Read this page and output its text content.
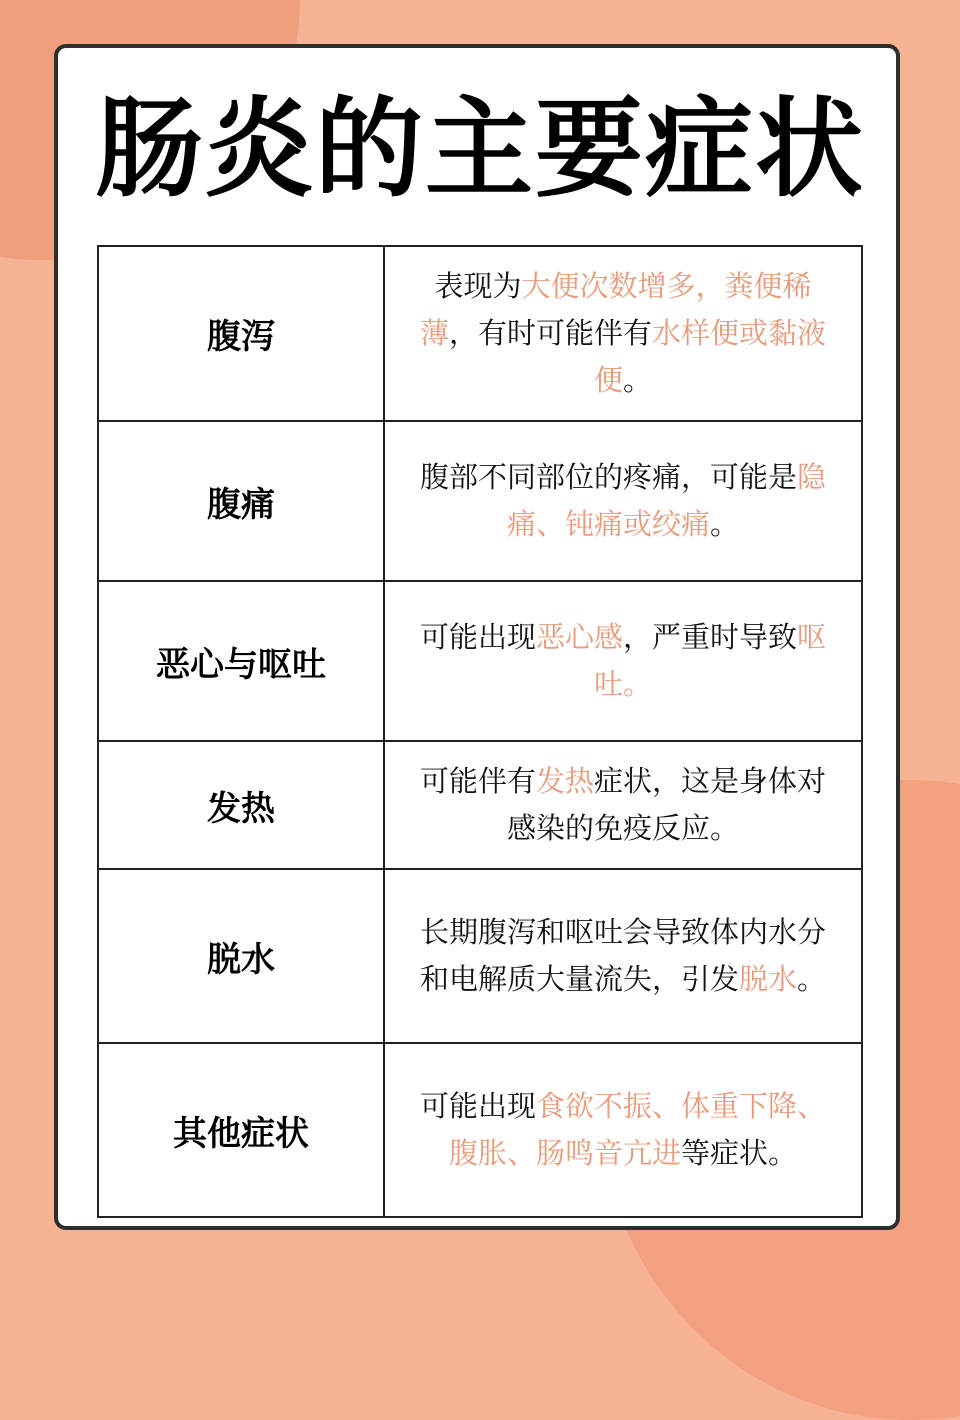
肠炎的主要症状
腹泻	表现为大便次数增多，粪便稀薄，有时可能伴有水样便或黏液便。
腹痛	腹部不同部位的疼痛，可能是隐痛、钝痛或绞痛。
恶心与呕吐	可能出现恶心感，严重时导致呕吐。
发热	可能伴有发热症状，这是身体对感染的免疫反应。
脱水	长期腹泻和呕吐会导致体内水分和电解质大量流失，引发脱水。
其他症状	可能出现食欲不振、体重下降、腹胀、肠鸣音亢进等症状。
